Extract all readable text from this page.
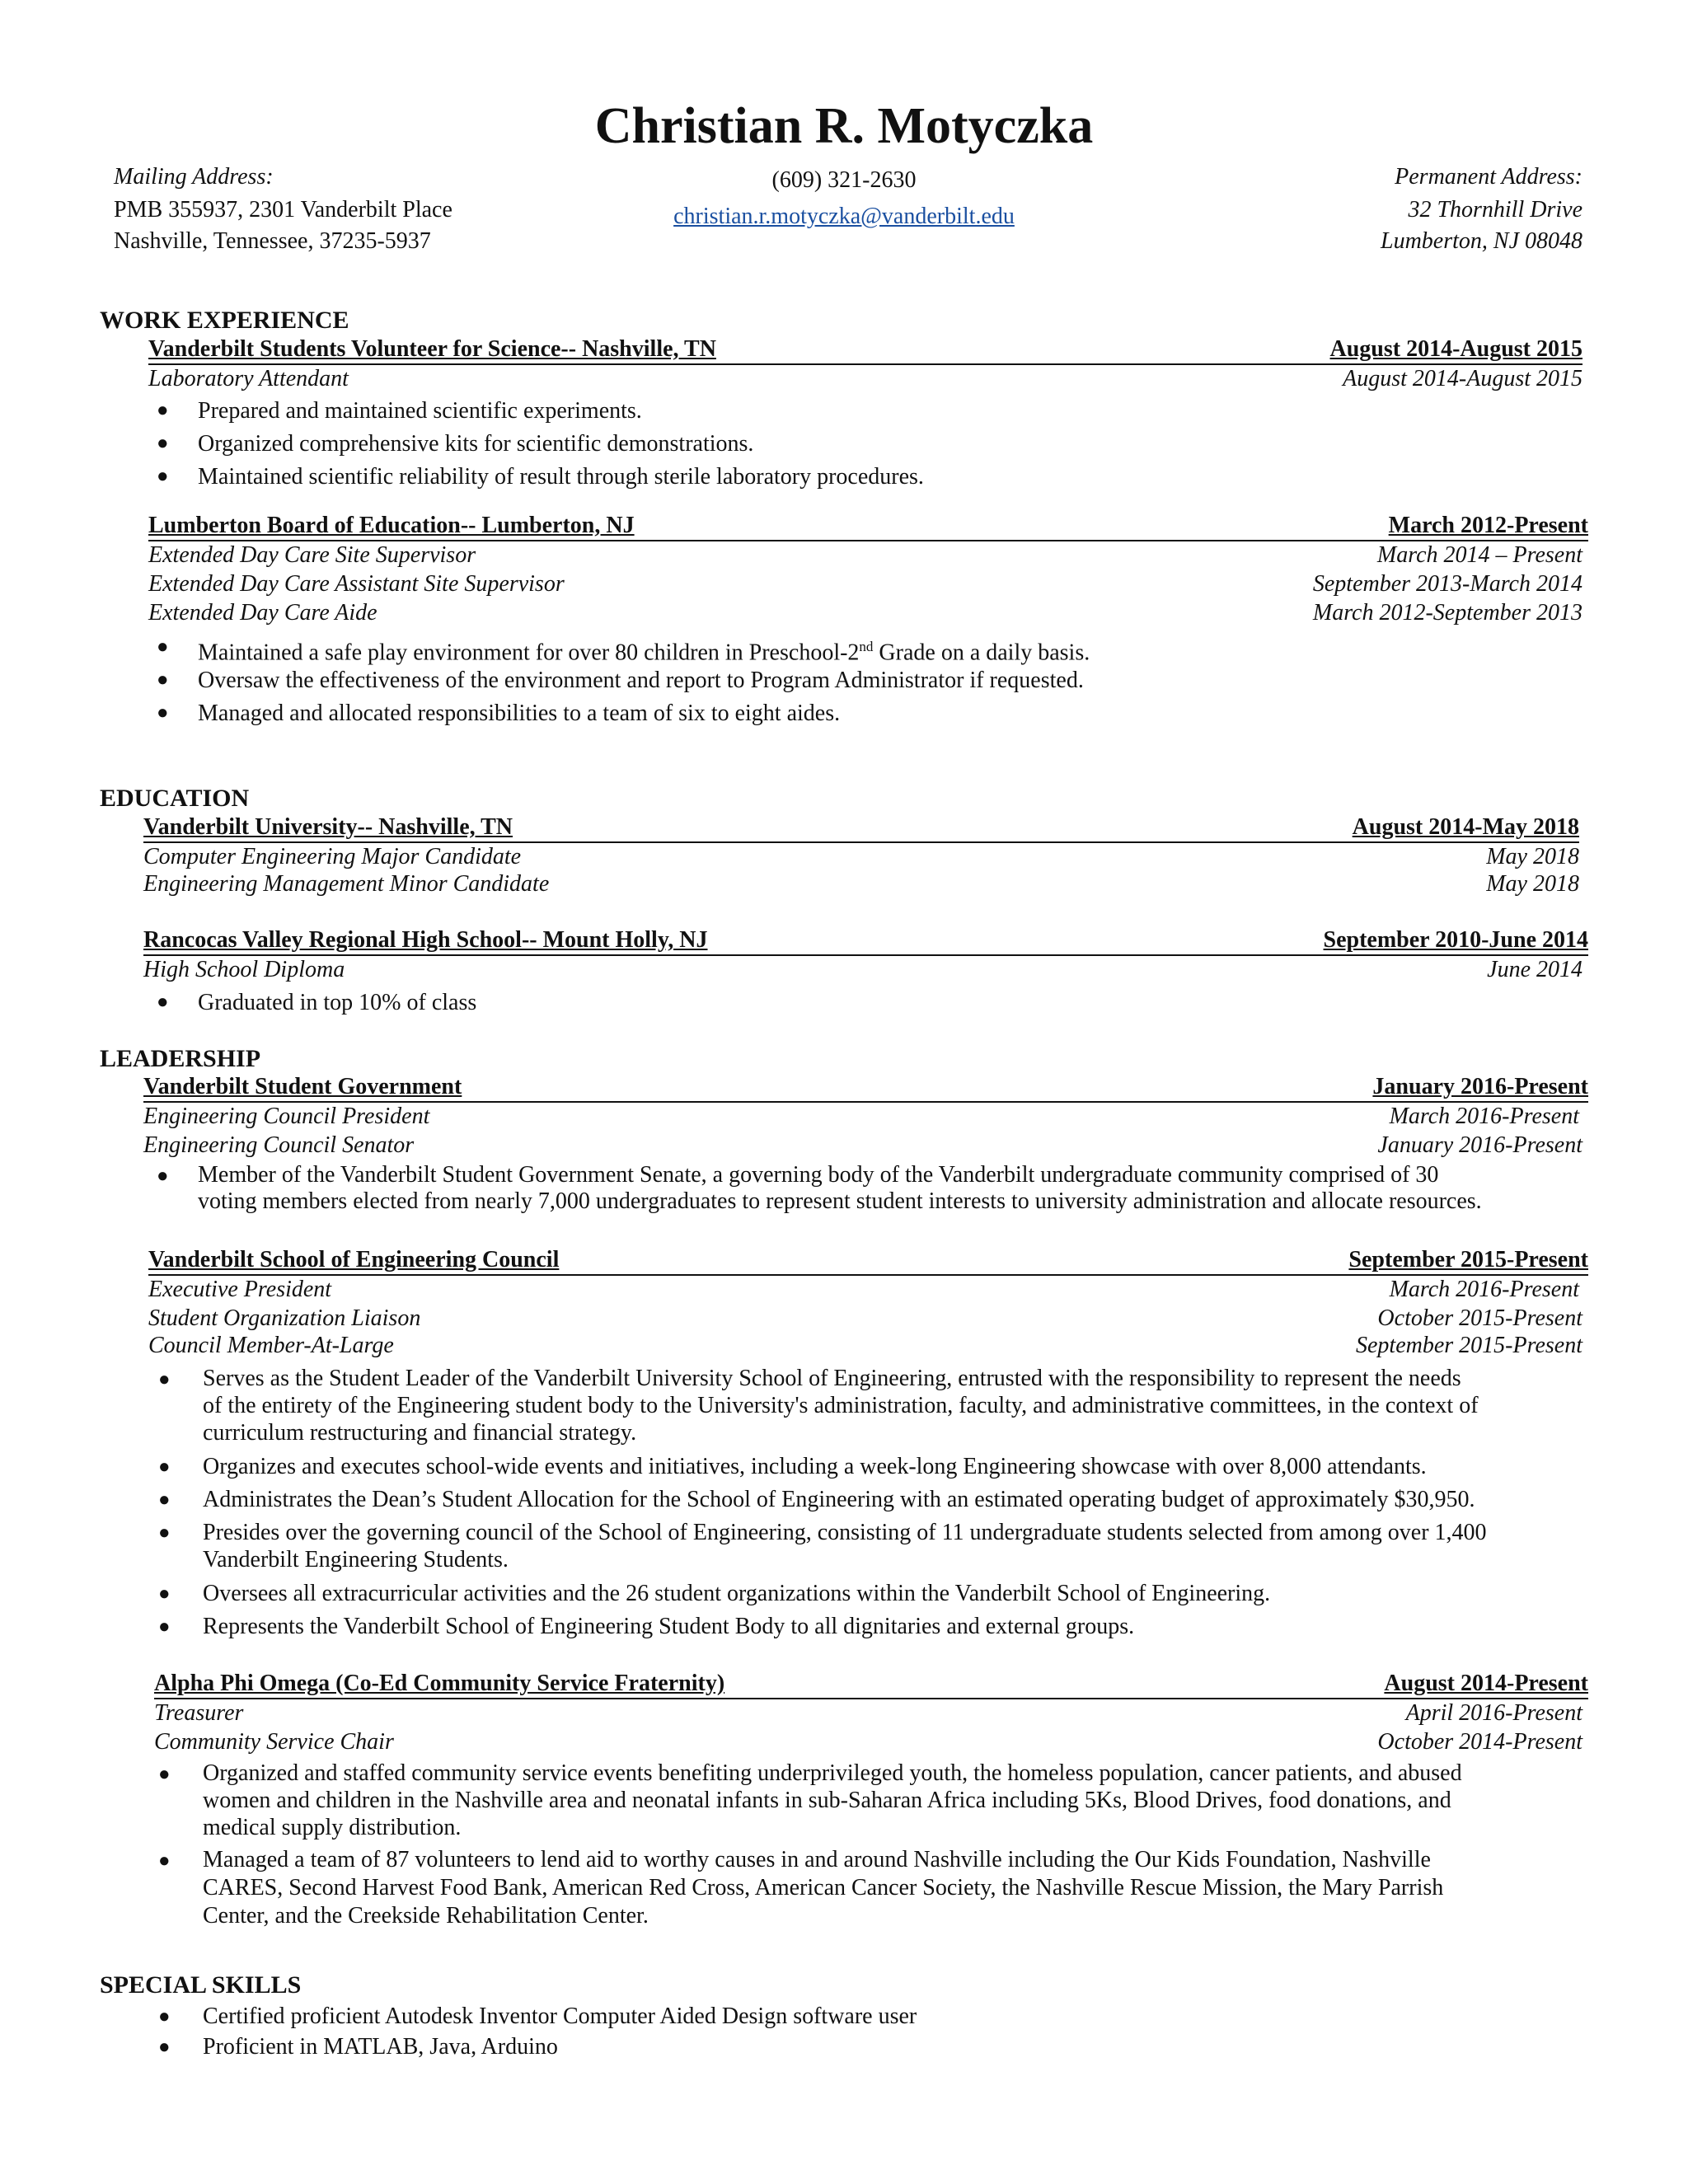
Christian R. Motyczka
Mailing Address:
PMB 355937, 2301 Vanderbilt Place
Nashville, Tennessee, 37235-5937
(609) 321-2630
christian.r.motyczka@vanderbilt.edu
Permanent Address:
32 Thornhill Drive
Lumberton, NJ 08048
WORK EXPERIENCE
Vanderbilt Students Volunteer for Science-- Nashville, TN	August 2014-August 2015
Laboratory Attendant	August 2014-August 2015
● Prepared and maintained scientific experiments.
● Organized comprehensive kits for scientific demonstrations.
● Maintained scientific reliability of result through sterile laboratory procedures.
Lumberton Board of Education-- Lumberton, NJ	March 2012-Present
Extended Day Care Site Supervisor	March 2014 – Present
Extended Day Care Assistant Site Supervisor	September 2013-March 2014
Extended Day Care Aide	March 2012-September 2013
● Maintained a safe play environment for over 80 children in Preschool-2nd Grade on a daily basis.
● Oversaw the effectiveness of the environment and report to Program Administrator if requested.
● Managed and allocated responsibilities to a team of six to eight aides.
EDUCATION
Vanderbilt University-- Nashville, TN	August 2014-May 2018
Computer Engineering Major Candidate	May 2018
Engineering Management Minor Candidate	May 2018
Rancocas Valley Regional High School-- Mount Holly, NJ	September 2010-June 2014
High School Diploma	June 2014
● Graduated in top 10% of class
LEADERSHIP
Vanderbilt Student Government	January 2016-Present
Engineering Council President	March 2016-Present
Engineering Council Senator	January 2016-Present
● Member of the Vanderbilt Student Government Senate, a governing body of the Vanderbilt undergraduate community comprised of 30
voting members elected from nearly 7,000 undergraduates to represent student interests to university administration and allocate resources.
Vanderbilt School of Engineering Council	September 2015-Present
Executive President	March 2016-Present
Student Organization Liaison	October 2015-Present
Council Member-At-Large	September 2015-Present
● Serves as the Student Leader of the Vanderbilt University School of Engineering, entrusted with the responsibility to represent the needs
of the entirety of the Engineering student body to the University's administration, faculty, and administrative committees, in the context of
curriculum restructuring and financial strategy.
● Organizes and executes school-wide events and initiatives, including a week-long Engineering showcase with over 8,000 attendants.
● Administrates the Dean’s Student Allocation for the School of Engineering with an estimated operating budget of approximately $30,950.
● Presides over the governing council of the School of Engineering, consisting of 11 undergraduate students selected from among over 1,400
Vanderbilt Engineering Students.
● Oversees all extracurricular activities and the 26 student organizations within the Vanderbilt School of Engineering.
● Represents the Vanderbilt School of Engineering Student Body to all dignitaries and external groups.
Alpha Phi Omega (Co-Ed Community Service Fraternity)	August 2014-Present
Treasurer	April 2016-Present
Community Service Chair	October 2014-Present
● Organized and staffed community service events benefiting underprivileged youth, the homeless population, cancer patients, and abused
women and children in the Nashville area and neonatal infants in sub-Saharan Africa including 5Ks, Blood Drives, food donations, and
medical supply distribution.
● Managed a team of 87 volunteers to lend aid to worthy causes in and around Nashville including the Our Kids Foundation, Nashville
CARES, Second Harvest Food Bank, American Red Cross, American Cancer Society, the Nashville Rescue Mission, the Mary Parrish
Center, and the Creekside Rehabilitation Center.
SPECIAL SKILLS
● Certified proficient Autodesk Inventor Computer Aided Design software user
● Proficient in MATLAB, Java, Arduino
